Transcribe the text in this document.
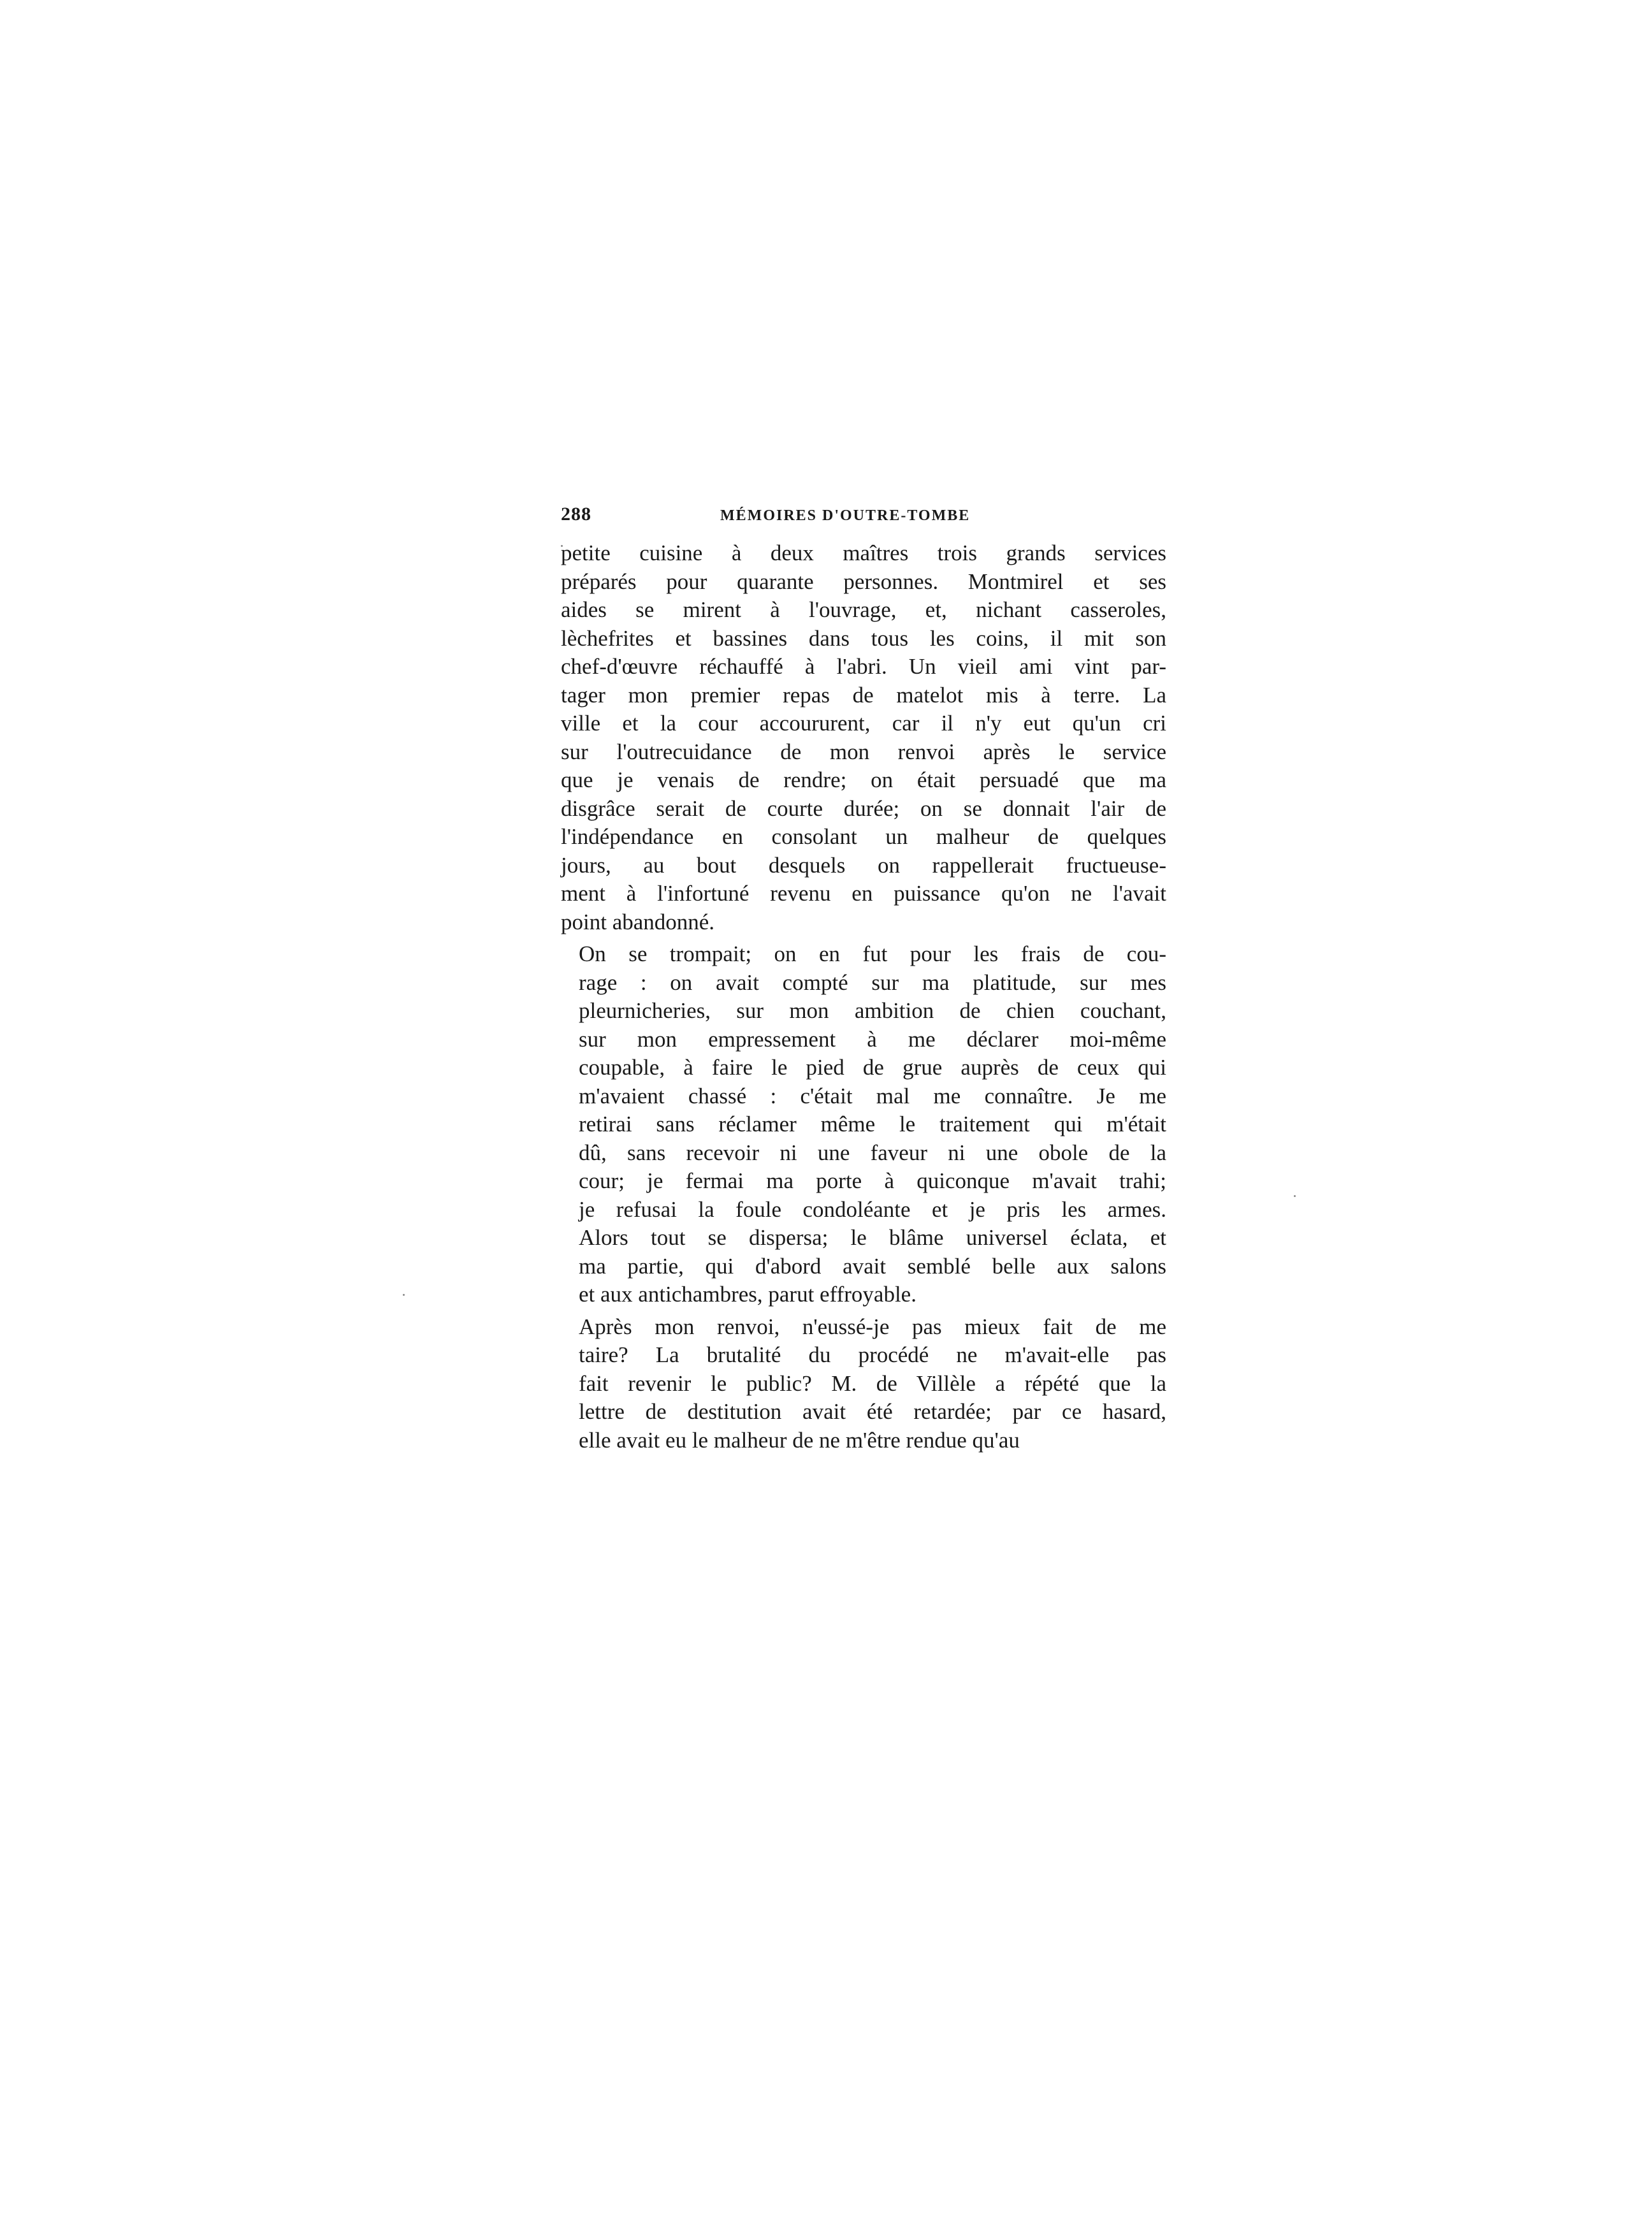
288	MÉMOIRES D'OUTRE-TOMBE

petite cuisine à deux maîtres trois grands services
préparés pour quarante personnes. Montmirel et ses
aides se mirent à l'ouvrage, et, nichant casseroles,
lèchefrites et bassines dans tous les coins, il mit son
chef-d'œuvre réchauffé à l'abri. Un vieil ami vint par-
tager mon premier repas de matelot mis à terre. La
ville et la cour accoururent, car il n'y eut qu'un cri
sur l'outrecuidance de mon renvoi après le service
que je venais de rendre; on était persuadé que ma
disgrâce serait de courte durée; on se donnait l'air de
l'indépendance en consolant un malheur de quelques
jours, au bout desquels on rappellerait fructueuse-
ment à l'infortuné revenu en puissance qu'on ne l'avait
point abandonné.

On se trompait; on en fut pour les frais de cou-
rage : on avait compté sur ma platitude, sur mes
pleurnicheries, sur mon ambition de chien couchant,
sur mon empressement à me déclarer moi-même
coupable, à faire le pied de grue auprès de ceux qui
m'avaient chassé : c'était mal me connaître. Je me
retirai sans réclamer même le traitement qui m'était
dû, sans recevoir ni une faveur ni une obole de la
cour; je fermai ma porte à quiconque m'avait trahi;
je refusai la foule condoléante et je pris les armes.
Alors tout se dispersa; le blâme universel éclata, et
ma partie, qui d'abord avait semblé belle aux salons
et aux antichambres, parut effroyable.

Après mon renvoi, n'eussé-je pas mieux fait de me
taire? La brutalité du procédé ne m'avait-elle pas
fait revenir le public? M. de Villèle a répété que la
lettre de destitution avait été retardée; par ce hasard,
elle avait eu le malheur de ne m'être rendue qu'au
